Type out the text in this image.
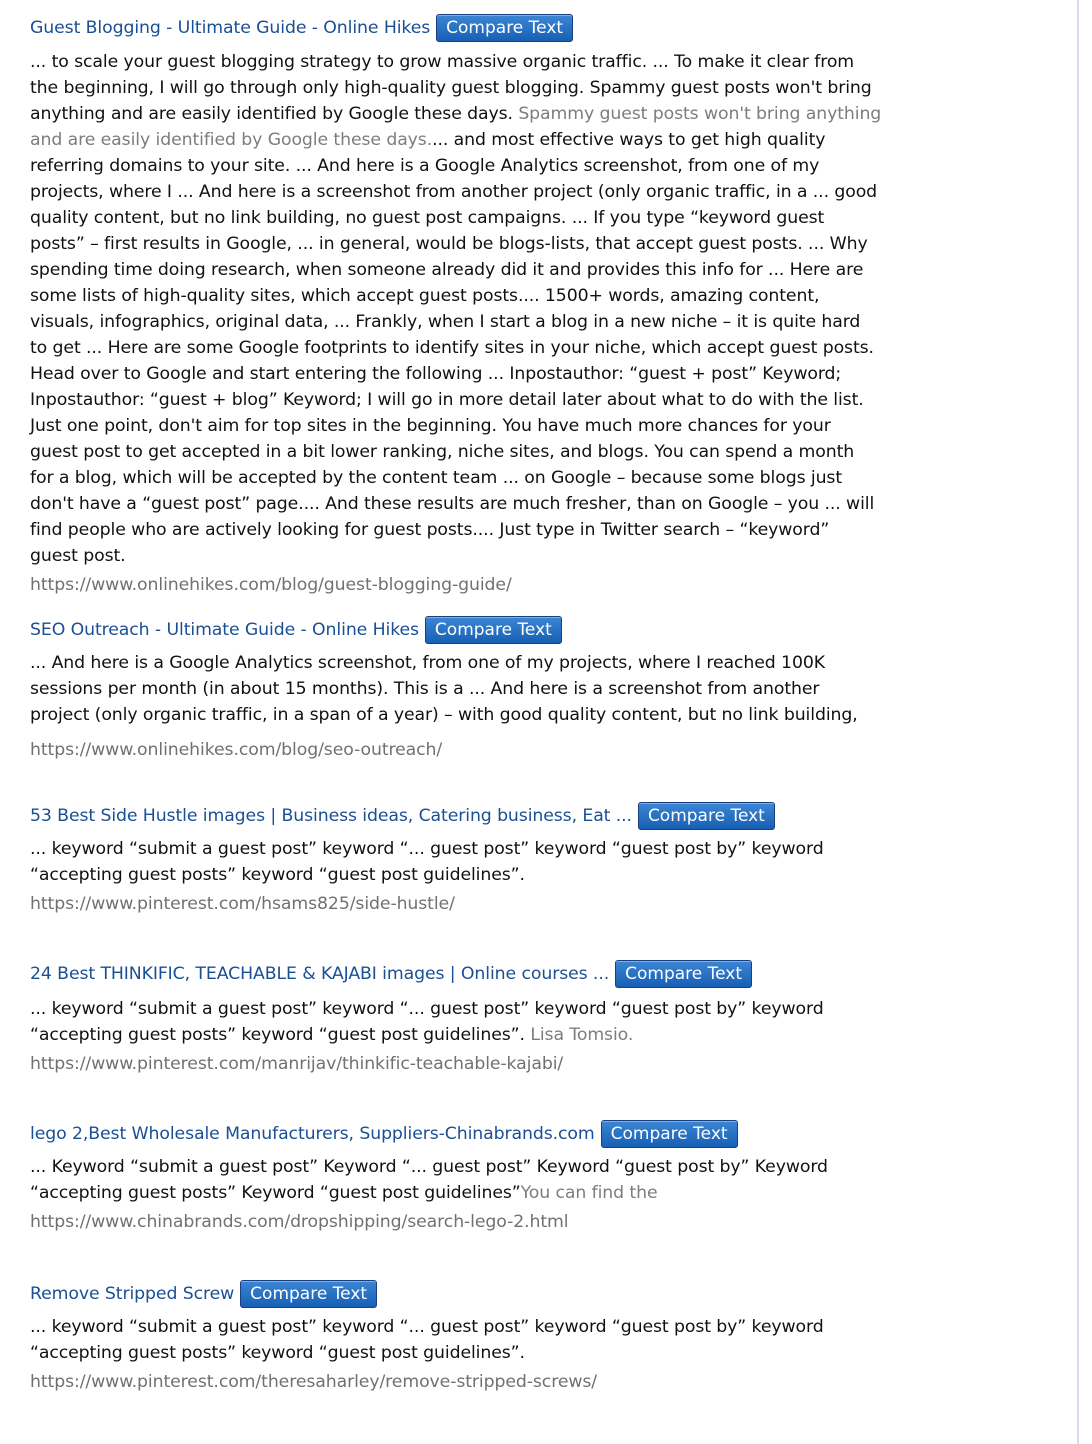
Guest Blogging - Ultimate Guide - Online Hikes Compare Text

... to scale your guest blogging strategy to grow massive organic traffic. ... To make it clear from the beginning, I will go through only high-quality guest blogging. Spammy guest posts won't bring anything and are easily identified by Google these days. Spammy guest posts won't bring anything and are easily identified by Google these days.... and most effective ways to get high quality referring domains to your site. ... And here is a Google Analytics screenshot, from one of my projects, where I ... And here is a screenshot from another project (only organic traffic, in a ... good quality content, but no link building, no guest post campaigns. ... If you type “keyword guest posts” – first results in Google, ... in general, would be blogs-lists, that accept guest posts. ... Why spending time doing research, when someone already did it and provides this info for ... Here are some lists of high-quality sites, which accept guest posts.... 1500+ words, amazing content, visuals, infographics, original data, ... Frankly, when I start a blog in a new niche – it is quite hard to get ... Here are some Google footprints to identify sites in your niche, which accept guest posts. Head over to Google and start entering the following ... Inpostauthor: “guest + post” Keyword; Inpostauthor: “guest + blog” Keyword; I will go in more detail later about what to do with the list. Just one point, don't aim for top sites in the beginning. You have much more chances for your guest post to get accepted in a bit lower ranking, niche sites, and blogs. You can spend a month for a blog, which will be accepted by the content team ... on Google – because some blogs just don't have a “guest post” page.... And these results are much fresher, than on Google – you ... will find people who are actively looking for guest posts.... Just type in Twitter search – “keyword” guest post.

https://www.onlinehikes.com/blog/guest-blogging-guide/
SEO Outreach - Ultimate Guide - Online Hikes Compare Text

... And here is a Google Analytics screenshot, from one of my projects, where I reached 100K sessions per month (in about 15 months). This is a ... And here is a screenshot from another project (only organic traffic, in a span of a year) – with good quality content, but no link building,

https://www.onlinehikes.com/blog/seo-outreach/
53 Best Side Hustle images | Business ideas, Catering business, Eat ... Compare Text

... keyword “submit a guest post” keyword “... guest post” keyword “guest post by” keyword “accepting guest posts” keyword “guest post guidelines”.

https://www.pinterest.com/hsams825/side-hustle/
24 Best THINKIFIC, TEACHABLE & KAJABI images | Online courses ... Compare Text

... keyword “submit a guest post” keyword “... guest post” keyword “guest post by” keyword “accepting guest posts” keyword “guest post guidelines”. Lisa Tomsio.

https://www.pinterest.com/manrijav/thinkific-teachable-kajabi/
lego 2,Best Wholesale Manufacturers, Suppliers-Chinabrands.com Compare Text

... Keyword “submit a guest post” Keyword “... guest post” Keyword “guest post by” Keyword “accepting guest posts” Keyword “guest post guidelines”You can find the

https://www.chinabrands.com/dropshipping/search-lego-2.html
Remove Stripped Screw Compare Text

... keyword “submit a guest post” keyword “... guest post” keyword “guest post by” keyword “accepting guest posts” keyword “guest post guidelines”.

https://www.pinterest.com/theresaharley/remove-stripped-screws/
